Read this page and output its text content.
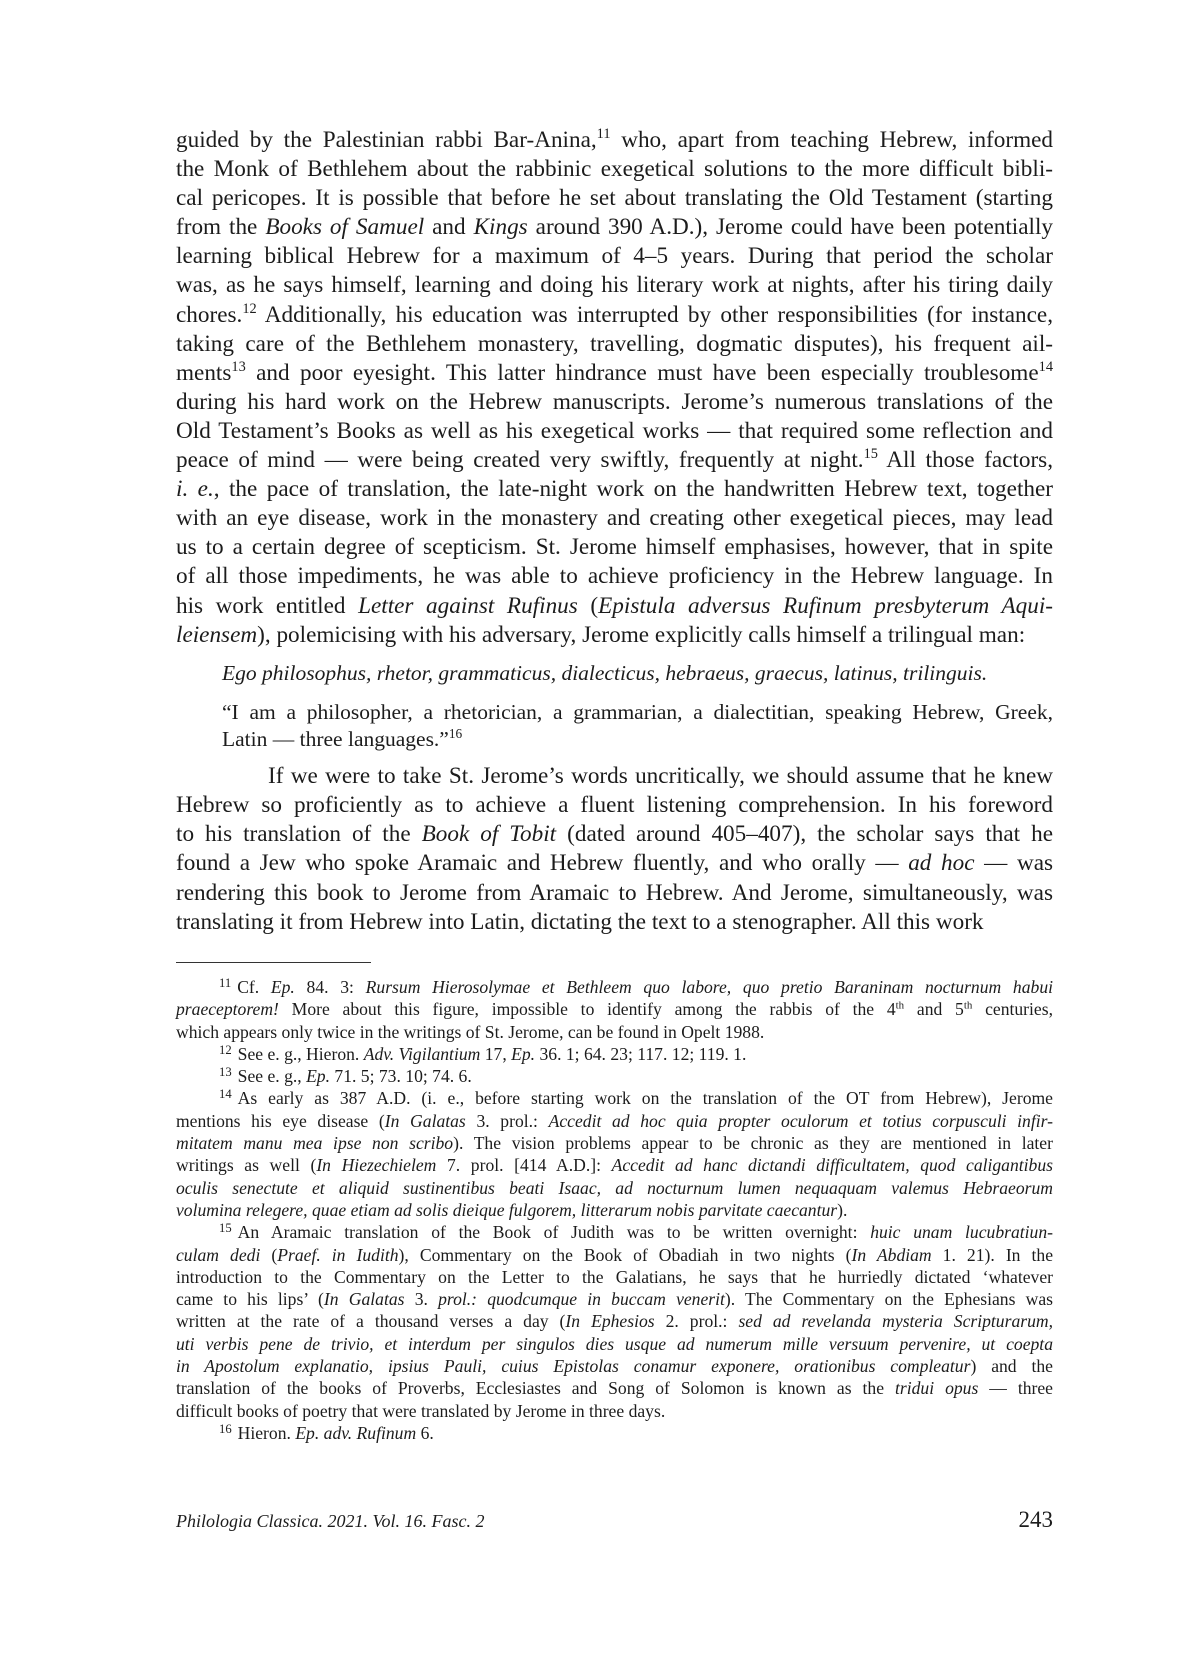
guided by the Palestinian rabbi Bar-Anina,$^{11}$ who, apart from teaching Hebrew, informed
the Monk of Bethlehem about the rabbinic exegetical solutions to the more difficult bibli-
cal pericopes. It is possible that before he set about translating the Old Testament (starting
from the Books of Samuel and Kings around 390 A.D.), Jerome could have been potentially
learning biblical Hebrew for a maximum of 4–5 years. During that period the scholar
was, as he says himself, learning and doing his literary work at nights, after his tiring daily
chores.$^{12}$ Additionally, his education was interrupted by other responsibilities (for instance,
taking care of the Bethlehem monastery, travelling, dogmatic disputes), his frequent ail-
ments$^{13}$ and poor eyesight. This latter hindrance must have been especially troublesome$^{14}$
during his hard work on the Hebrew manuscripts. Jerome’s numerous translations of the
Old Testament’s Books as well as his exegetical works — that required some reflection and
peace of mind — were being created very swiftly, frequently at night.$^{15}$ All those factors,
i. e., the pace of translation, the late-night work on the handwritten Hebrew text, together
with an eye disease, work in the monastery and creating other exegetical pieces, may lead
us to a certain degree of scepticism. St. Jerome himself emphasises, however, that in spite
of all those impediments, he was able to achieve proficiency in the Hebrew language. In
his work entitled Letter against Rufinus (Epistula adversus Rufinum presbyterum Aqui-
leiensem), polemicising with his adversary, Jerome explicitly calls himself a trilingual man:

Ego philosophus, rhetor, grammaticus, dialecticus, hebraeus, graecus, latinus, trilinguis.
“I am a philosopher, a rhetorician, a grammarian, a dialectitian, speaking Hebrew, Greek,
Latin — three languages.”$^{16}$

If we were to take St. Jerome’s words uncritically, we should assume that he knew
Hebrew so proficiently as to achieve a fluent listening comprehension. In his foreword
to his translation of the Book of Tobit (dated around 405–407), the scholar says that he
found a Jew who spoke Aramaic and Hebrew fluently, and who orally — ad hoc — was
rendering this book to Jerome from Aramaic to Hebrew. And Jerome, simultaneously, was
translating it from Hebrew into Latin, dictating the text to a stenographer. All this work

$^{11}$ Cf. Ep. 84. 3: Rursum Hierosolymae et Bethleem quo labore, quo pretio Baraninam nocturnum habui
praeceptorem! More about this figure, impossible to identify among the rabbis of the 4th and 5th centuries,
which appears only twice in the writings of St. Jerome, can be found in Opelt 1988.
$^{12}$ See e. g., Hieron. Adv. Vigilantium 17, Ep. 36. 1; 64. 23; 117. 12; 119. 1.
$^{13}$ See e. g., Ep. 71. 5; 73. 10; 74. 6.
$^{14}$ As early as 387 A.D. (i. e., before starting work on the translation of the OT from Hebrew), Jerome
mentions his eye disease (In Galatas 3. prol.: Accedit ad hoc quia propter oculorum et totius corpusculi infir-
mitatem manu mea ipse non scribo). The vision problems appear to be chronic as they are mentioned in later
writings as well (In Hiezechielem 7. prol. [414 A.D.]: Accedit ad hanc dictandi difficultatem, quod caligantibus
oculis senectute et aliquid sustinentibus beati Isaac, ad nocturnum lumen nequaquam valemus Hebraeorum
volumina relegere, quae etiam ad solis dieique fulgorem, litterarum nobis parvitate caecantur).
$^{15}$ An Aramaic translation of the Book of Judith was to be written overnight: huic unam lucubratiun-
culam dedi (Praef. in Iudith), Commentary on the Book of Obadiah in two nights (In Abdiam 1. 21). In the
introduction to the Commentary on the Letter to the Galatians, he says that he hurriedly dictated ‘whatever
came to his lips’ (In Galatas 3. prol.: quodcumque in buccam venerit). The Commentary on the Ephesians was
written at the rate of a thousand verses a day (In Ephesios 2. prol.: sed ad revelanda mysteria Scripturarum,
uti verbis pene de trivio, et interdum per singulos dies usque ad numerum mille versuum pervenire, ut coepta
in Apostolum explanatio, ipsius Pauli, cuius Epistolas conamur exponere, orationibus compleatur) and the
translation of the books of Proverbs, Ecclesiastes and Song of Solomon is known as the tridui opus — three
difficult books of poetry that were translated by Jerome in three days.
$^{16}$ Hieron. Ep. adv. Rufinum 6.
Philologia Classica. 2021. Vol. 16. Fasc. 2	243
